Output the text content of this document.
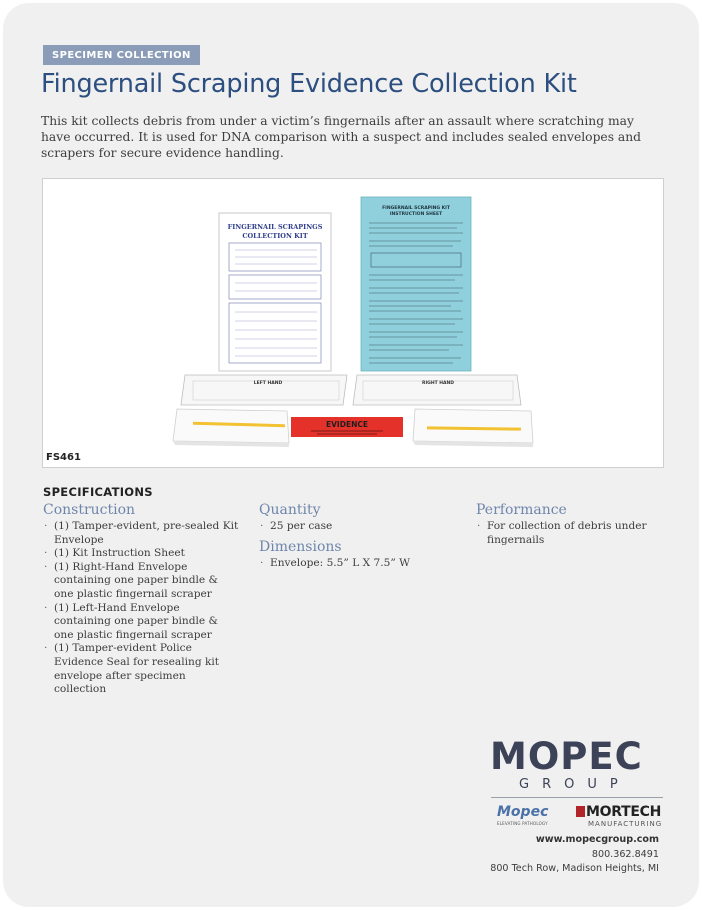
SPECIMEN COLLECTION
Fingernail Scraping Evidence Collection Kit

This kit collects debris from under a victim’s fingernails after an assault where scratching may have occurred. It is used for DNA comparison with a suspect and includes sealed envelopes and scrapers for secure evidence handling.

FINGERNAIL SCRAPINGS
COLLECTION KIT
FINGERNAIL SCRAPING KIT
INSTRUCTION SHEET
LEFT HAND	RIGHT HAND
EVIDENCE
FS461
SPECIFICATIONS
Construction
· (1) Tamper-evident, pre-sealed Kit Envelope
· (1) Kit Instruction Sheet
· (1) Right-Hand Envelope containing one paper bindle & one plastic fingernail scraper
· (1) Left-Hand Envelope containing one paper bindle & one plastic fingernail scraper
· (1) Tamper-evident Police Evidence Seal for resealing kit envelope after specimen collection
Quantity
· 25 per case
Dimensions
· Envelope: 5.5” L X 7.5” W
Performance
· For collection of debris under fingernails
MOPEC
GROUP
Mopec
ELEVATING PATHOLOGY
MORTECH
MANUFACTURING
www.mopecgroup.com
800.362.8491
800 Tech Row, Madison Heights, MI
